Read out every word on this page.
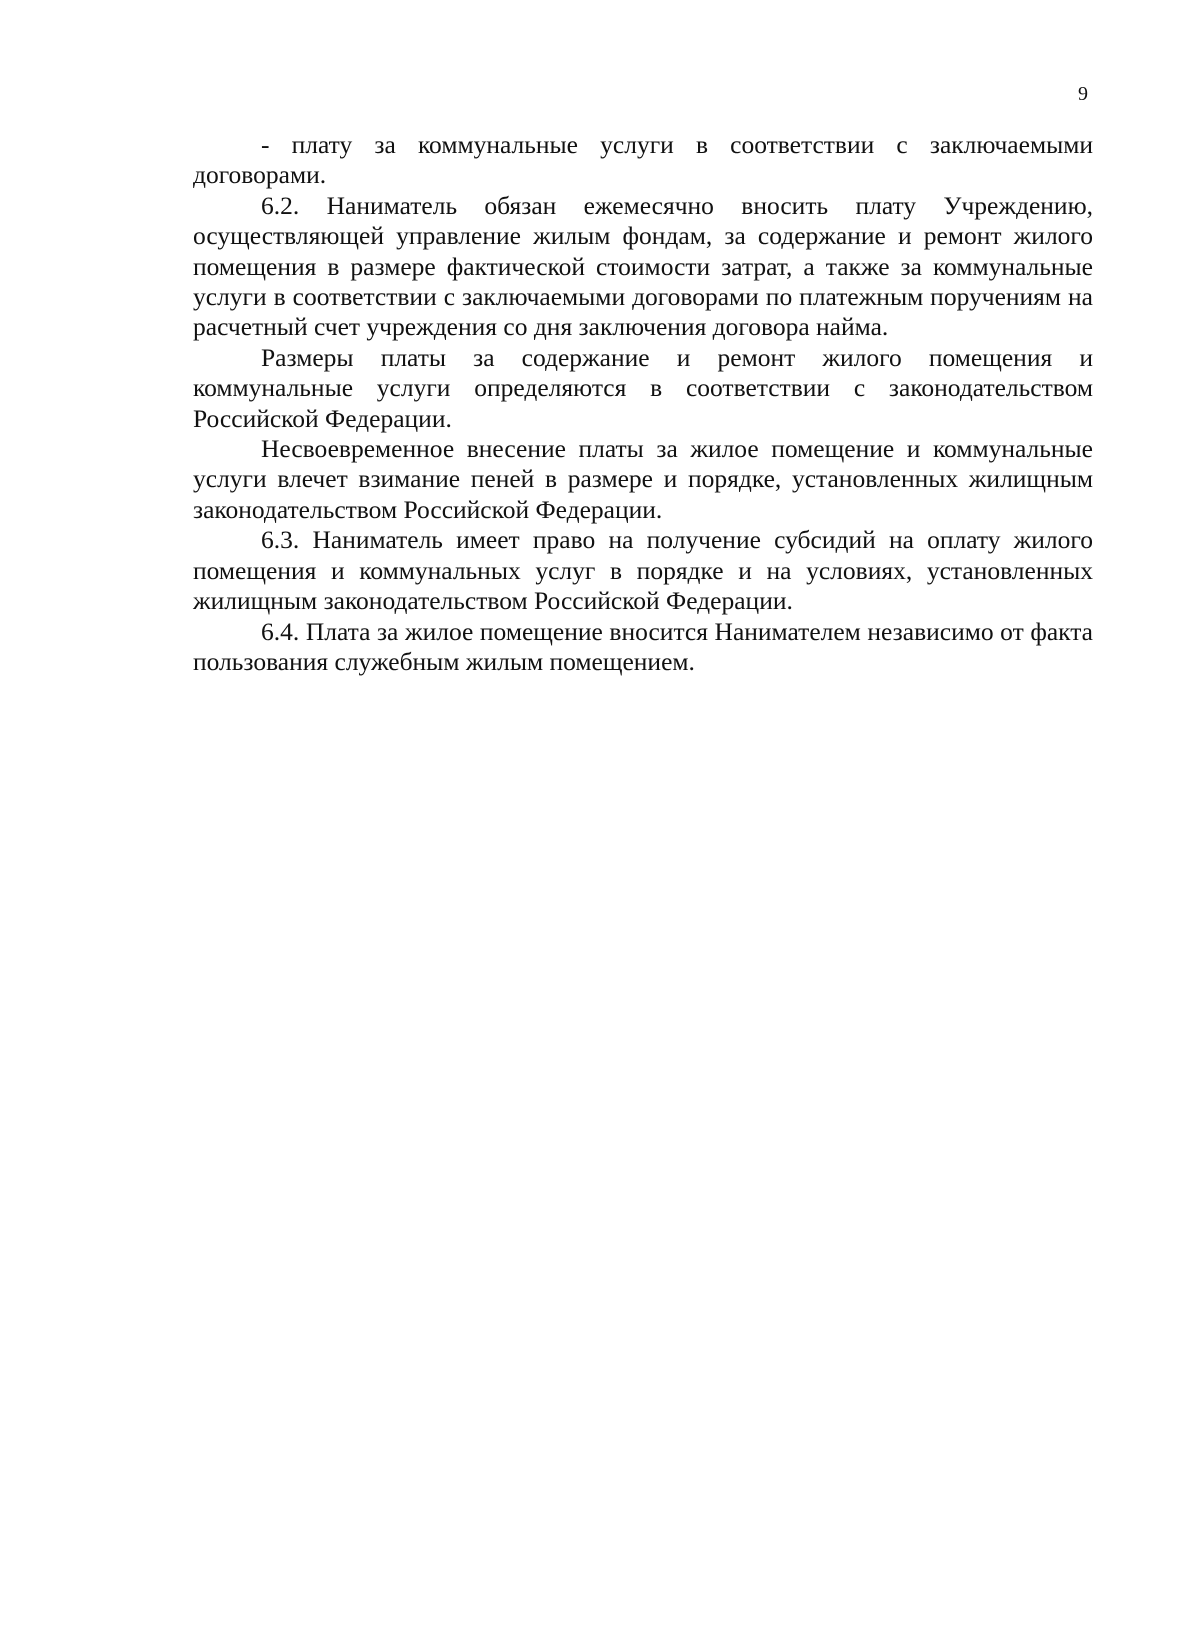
9

- плату за коммунальные услуги в соответствии с заключаемыми договорами.

6.2. Наниматель обязан ежемесячно вносить плату Учреждению, осуществляющей управление жилым фондам, за содержание и ремонт жилого помещения в размере фактической стоимости затрат, а также за коммунальные услуги в соответствии с заключаемыми договорами по платежным поручениям на расчетный счет учреждения со дня заключения договора найма.

Размеры платы за содержание и ремонт жилого помещения и коммунальные услуги определяются в соответствии с законодательством Российской Федерации.

Несвоевременное внесение платы за жилое помещение и коммунальные услуги влечет взимание пеней в размере и порядке, установленных жилищным законодательством Российской Федерации.

6.3. Наниматель имеет право на получение субсидий на оплату жилого помещения и коммунальных услуг в порядке и на условиях, установленных жилищным законодательством Российской Федерации.

6.4. Плата за жилое помещение вносится Нанимателем независимо от факта пользования служебным жилым помещением.
